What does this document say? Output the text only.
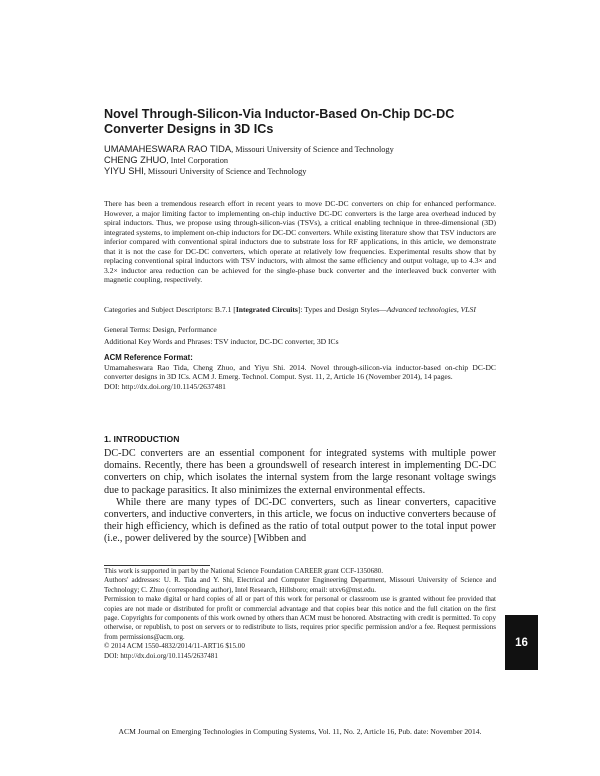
Novel Through-Silicon-Via Inductor-Based On-Chip DC-DC Converter Designs in 3D ICs
UMAMAHESWARA RAO TIDA, Missouri University of Science and Technology
CHENG ZHUO, Intel Corporation
YIYU SHI, Missouri University of Science and Technology

There has been a tremendous research effort in recent years to move DC-DC converters on chip for enhanced performance. However, a major limiting factor to implementing on-chip inductive DC-DC converters is the large area overhead induced by spiral inductors. Thus, we propose using through-silicon-vias (TSVs), a critical enabling technique in three-dimensional (3D) integrated systems, to implement on-chip inductors for DC-DC converters. While existing literature show that TSV inductors are inferior compared with conventional spiral inductors due to substrate loss for RF applications, in this article, we demonstrate that it is not the case for DC-DC converters, which operate at relatively low frequencies. Experimental results show that by replacing conventional spiral inductors with TSV inductors, with almost the same efficiency and output voltage, up to 4.3× and 3.2× inductor area reduction can be achieved for the single-phase buck converter and the interleaved buck converter with magnetic coupling, respectively.

Categories and Subject Descriptors: B.7.1 [Integrated Circuits]: Types and Design Styles—Advanced technologies, VLSI

General Terms: Design, Performance

Additional Key Words and Phrases: TSV inductor, DC-DC converter, 3D ICs

ACM Reference Format:

Umamaheswara Rao Tida, Cheng Zhuo, and Yiyu Shi. 2014. Novel through-silicon-via inductor-based on-chip DC-DC converter designs in 3D ICs. ACM J. Emerg. Technol. Comput. Syst. 11, 2, Article 16 (November 2014), 14 pages.

DOI: http://dx.doi.org/10.1145/2637481
1. INTRODUCTION

DC-DC converters are an essential component for integrated systems with multiple power domains. Recently, there has been a groundswell of research interest in implementing DC-DC converters on chip, which isolates the internal system from the large resonant voltage swings due to package parasitics. It also minimizes the external environmental effects.

While there are many types of DC-DC converters, such as linear converters, capacitive converters, and inductive converters, in this article, we focus on inductive converters because of their high efficiency, which is defined as the ratio of total output power to the total input power (i.e., power delivered by the source) [Wibben and

This work is supported in part by the National Science Foundation CAREER grant CCF-1350680.

Authors' addresses: U. R. Tida and Y. Shi, Electrical and Computer Engineering Department, Missouri University of Science and Technology; C. Zhuo (corresponding author), Intel Research, Hillsboro; email: utxv6@mst.edu.

Permission to make digital or hard copies of all or part of this work for personal or classroom use is granted without fee provided that copies are not made or distributed for profit or commercial advantage and that copies bear this notice and the full citation on the first page. Copyrights for components of this work owned by others than ACM must be honored. Abstracting with credit is permitted. To copy otherwise, or republish, to post on servers or to redistribute to lists, requires prior specific permission and/or a fee. Request permissions from permissions@acm.org.

© 2014 ACM 1550-4832/2014/11-ART16 $15.00

DOI: http://dx.doi.org/10.1145/2637481

16
ACM Journal on Emerging Technologies in Computing Systems, Vol. 11, No. 2, Article 16, Pub. date: November 2014.
